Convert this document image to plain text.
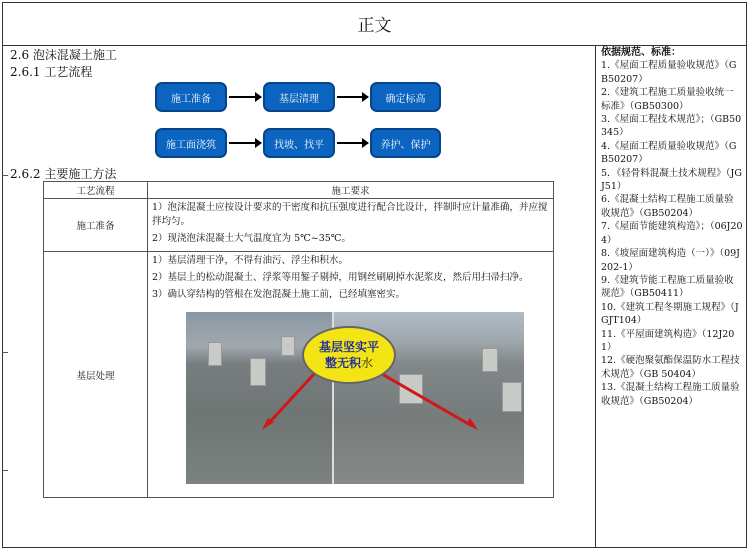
正文
2.6 泡沫混凝土施工
2.6.1 工艺流程
施工准备	基层清理	确定标高
施工面浇筑	找坡、找平	养护、保护
2.6.2 主要施工方法
工艺流程	施工要求
施工准备	1）泡沫混凝土应按设计要求的干密度和抗压强度进行配合比设计，拌制时应计量准确，并应搅拌均匀。

2）现浇泡沫混凝土大气温度宜为 5℃~35℃。

基层处理	1）基层清理干净，不得有油污、浮尘和积水。

2）基层上的松动混凝土、浮浆等用錾子剔掉，用钢丝刷刷掉水泥浆皮，然后用扫帚扫净。

3）确认穿结构的管根在发泡混凝土施工前，已经填塞密实。

基层坚实平
整无积水
依据规范、标准：
1.《屋面工程质量验收规范》（GB50207）
2.《建筑工程施工质量验收统一标准》（GB50300）
3.《屋面工程技术规范》；（GB50345）
4.《屋面工程质量验收规范》（GB50207）
5．《轻骨料混凝土技术规程》（JGJ51）
6.《混凝土结构工程施工质量验收规范》（GB50204）
7.《屋面节能建筑构造》；（06J204）
8.《坡屋面建筑构造（一）》（09J202-1）
9.《建筑节能工程施工质量验收规范》（GB50411）
10.《建筑工程冬期施工规程》（JGJT104）
11.《平屋面建筑构造》（12J201）
12.《硬泡聚氨酯保温防水工程技术规范》（GB 50404）
13.《混凝土结构工程施工质量验收规范》（GB50204）
